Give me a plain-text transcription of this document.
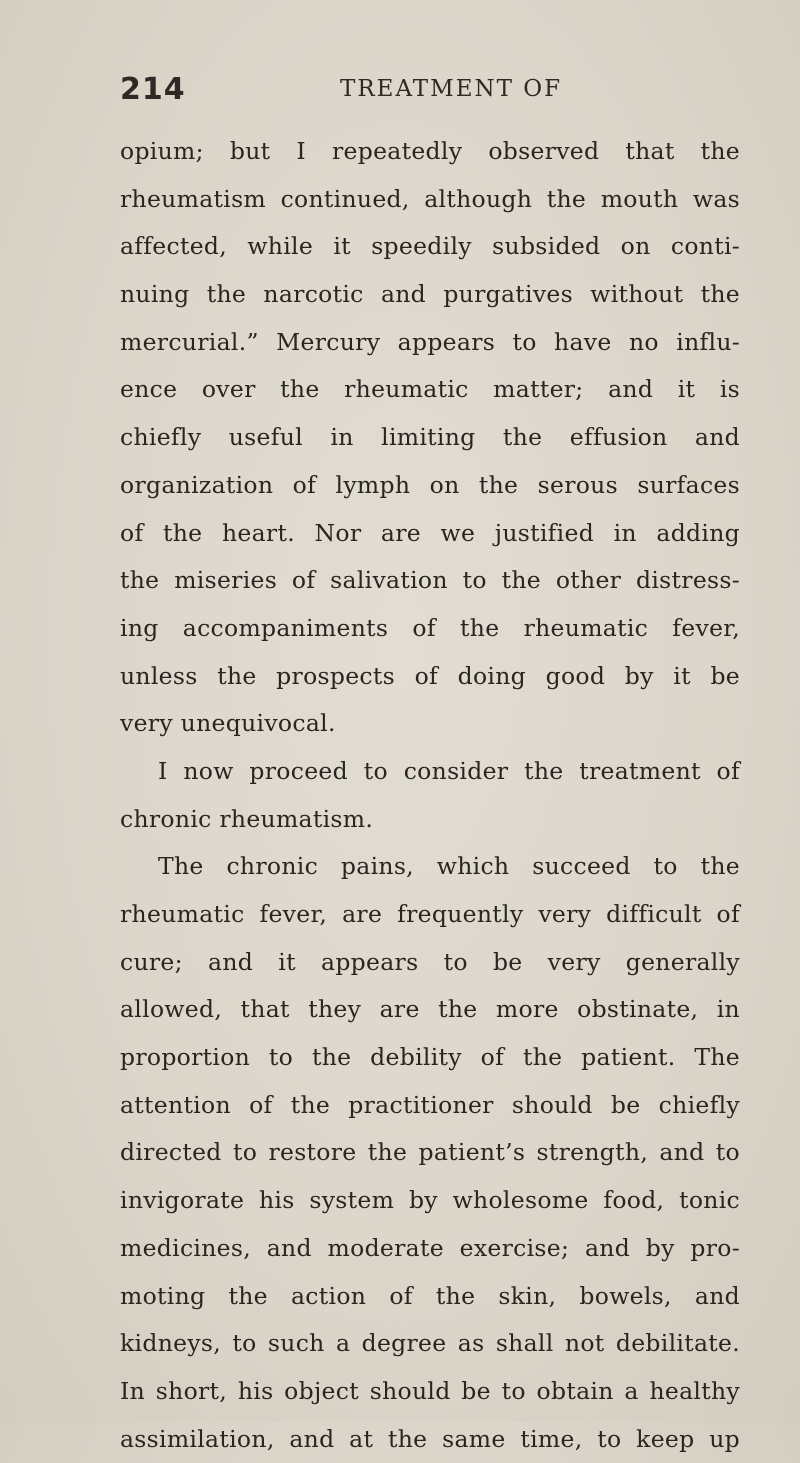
214	TREATMENT OF
opium; but I repeatedly observed that the
rheumatism continued, although the mouth was
affected, while it speedily subsided on conti-
nuing the narcotic and purgatives without the
mercurial.” Mercury appears to have no influ-
ence over the rheumatic matter; and it is
chiefly useful in limiting the effusion and
organization of lymph on the serous surfaces
of the heart. Nor are we justified in adding
the miseries of salivation to the other distress-
ing accompaniments of the rheumatic fever,
unless the prospects of doing good by it be
very unequivocal.
I now proceed to consider the treatment of
chronic rheumatism.
The chronic pains, which succeed to the
rheumatic fever, are frequently very difficult of
cure; and it appears to be very generally
allowed, that they are the more obstinate, in
proportion to the debility of the patient. The
attention of the practitioner should be chiefly
directed to restore the patient’s strength, and to
invigorate his system by wholesome food, tonic
medicines, and moderate exercise; and by pro-
moting the action of the skin, bowels, and
kidneys, to such a degree as shall not debilitate.
In short, his object should be to obtain a healthy
assimilation, and at the same time, to keep up
